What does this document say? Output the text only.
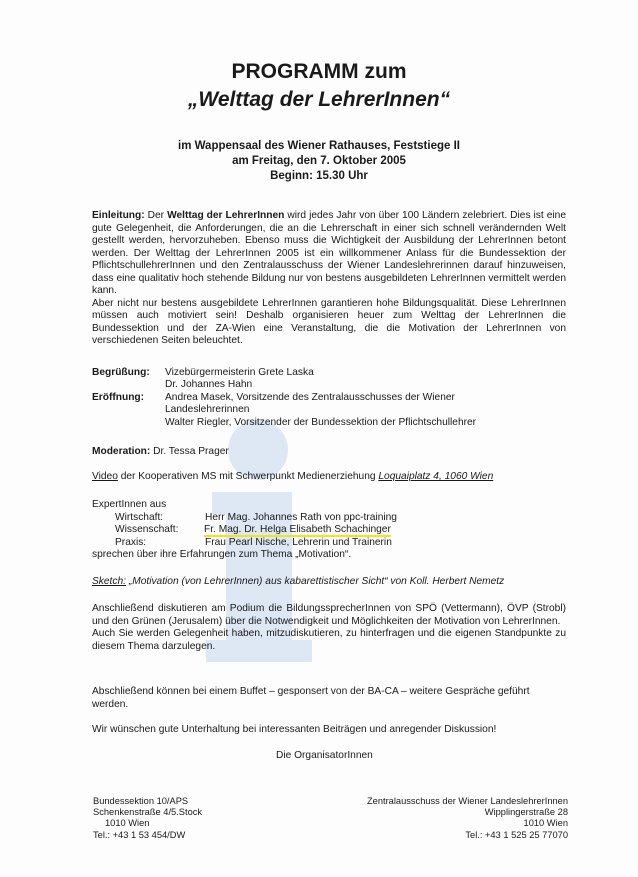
PROGRAMM zum
„Welttag der LehrerInnen“
im Wappensaal des Wiener Rathauses, Feststiege II
am Freitag, den 7. Oktober 2005
Beginn: 15.30 Uhr
Einleitung: Der Welttag der LehrerInnen wird jedes Jahr von über 100 Ländern zelebriert. Dies ist eine gute Gelegenheit, die Anforderungen, die an die Lehrerschaft in einer sich schnell verändernden Welt gestellt werden, hervorzuheben. Ebenso muss die Wichtigkeit der Ausbildung der LehrerInnen betont werden. Der Welttag der LehrerInnen 2005 ist ein willkommener Anlass für die Bundessektion der PflichtschullehrerInnen und den Zentralausschuss der Wiener Landeslehrerinnen darauf hinzuweisen, dass eine qualitativ hoch stehende Bildung nur von bestens ausgebildeten LehrerInnen vermittelt werden kann.
Aber nicht nur bestens ausgebildete LehrerInnen garantieren hohe Bildungsqualität. Diese LehrerInnen müssen auch motiviert sein! Deshalb organisieren heuer zum Welttag der LehrerInnen die Bundessektion und der ZA-Wien eine Veranstaltung, die die Motivation der LehrerInnen von verschiedenen Seiten beleuchtet.
Begrüßung: Vizebürgermeisterin Grete Laska
Dr. Johannes Hahn
Eröffnung: Andrea Masek, Vorsitzende des Zentralausschusses der Wiener
Landeslehrerinnen
Walter Riegler, Vorsitzender der Bundessektion der Pflichtschullehrer
Moderation: Dr. Tessa Prager
Video der Kooperativen MS mit Schwerpunkt Medienerziehung Loquaiplatz 4, 1060 Wien
ExpertInnen aus
Wirtschaft:	Herr Mag. Johannes Rath von ppc-training
Wissenschaft:	Fr. Mag. Dr. Helga Elisabeth Schachinger
Praxis:	Frau Pearl Nische, Lehrerin und Trainerin
sprechen über ihre Erfahrungen zum Thema „Motivation“.
Sketch: „Motivation (von LehrerInnen) aus kabarettistischer Sicht“ von Koll. Herbert Nemetz
Anschließend diskutieren am Podium die BildungssprecherInnen von SPÖ (Vettermann), ÖVP (Strobl) und den Grünen (Jerusalem) über die Notwendigkeit und Möglichkeiten der Motivation von LehrerInnen.
Auch Sie werden Gelegenheit haben, mitzudiskutieren, zu hinterfragen und die eigenen Standpunkte zu diesem Thema darzulegen.
Abschließend können bei einem Buffet – gesponsert von der BA-CA – weitere Gespräche geführt werden.
Wir wünschen gute Unterhaltung bei interessanten Beiträgen und anregender Diskussion!
Die OrganisatorInnen
Bundessektion 10/APS
Schenkenstraße 4/5.Stock
1010 Wien
Tel.: +43 1 53 454/DW
Zentralausschuss der Wiener LandeslehrerInnen
Wipplingerstraße 28
1010 Wien
Tel.: +43 1 525 25 77070
